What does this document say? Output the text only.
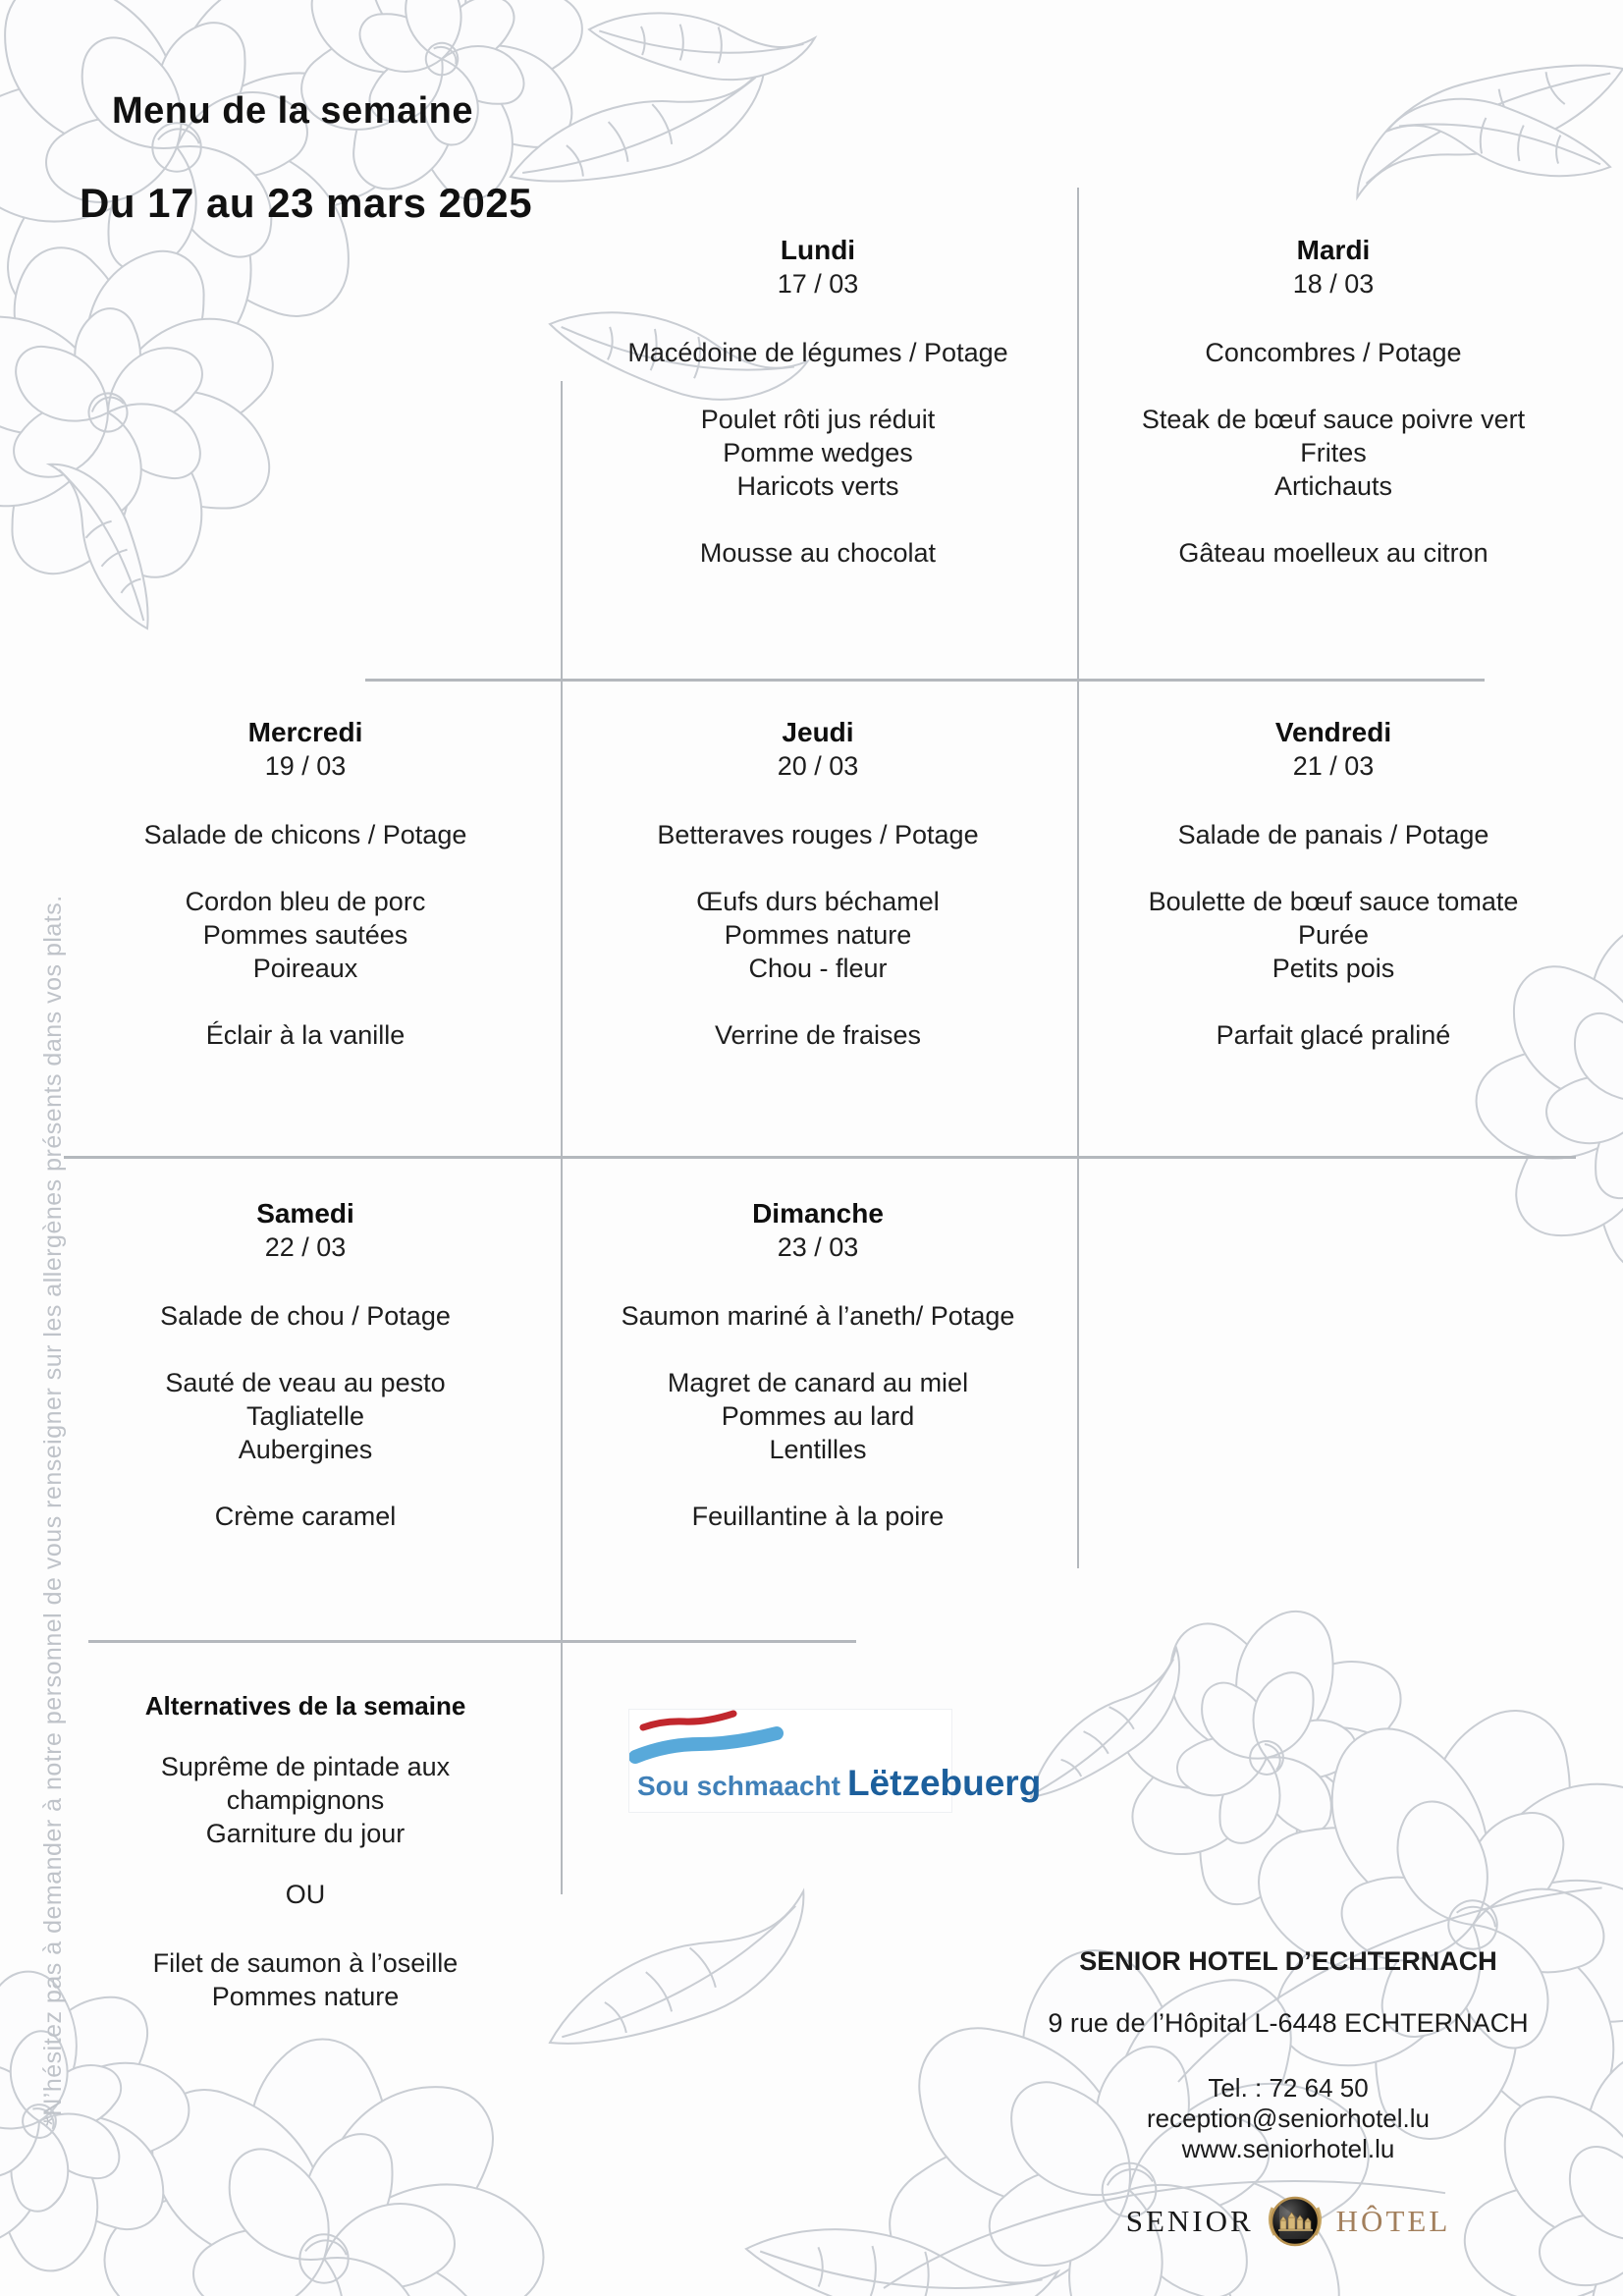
Menu de la semaine
Du 17 au 23 mars 2025
*N’hésitez pas à demander à notre personnel de vous renseigner sur les allergènes présents dans vos plats.
Lundi
17 / 03
Macédoine de légumes / Potage
Poulet rôti jus réduit
Pomme wedges
Haricots verts
Mousse au chocolat
Mardi
18 / 03
Concombres / Potage
Steak de bœuf sauce poivre vert
Frites
Artichauts
Gâteau moelleux au citron
Mercredi
19 / 03
Salade de chicons / Potage
Cordon bleu de porc
Pommes sautées
Poireaux
Éclair à la vanille
Jeudi
20 / 03
Betteraves rouges / Potage
Œufs durs béchamel
Pommes nature
Chou - fleur
Verrine de fraises
Vendredi
21 / 03
Salade de panais / Potage
Boulette de bœuf sauce tomate
Purée
Petits pois
Parfait glacé praliné
Samedi
22 / 03
Salade de chou / Potage
Sauté de veau au pesto
Tagliatelle
Aubergines
Crème caramel
Dimanche
23 / 03
Saumon mariné à l’aneth/ Potage
Magret de canard au miel
Pommes au lard
Lentilles
Feuillantine à la poire
Alternatives de la semaine
Suprême de pintade aux
champignons
Garniture du jour
OU
Filet de saumon à l’oseille
Pommes nature
Sou schmaacht Lëtzebuerg
SENIOR HOTEL D’ECHTERNACH
9 rue de l’Hôpital L-6448 ECHTERNACH
Tel. : 72 64 50
reception@seniorhotel.lu
www.seniorhotel.lu
SENIOR	HÔTEL
